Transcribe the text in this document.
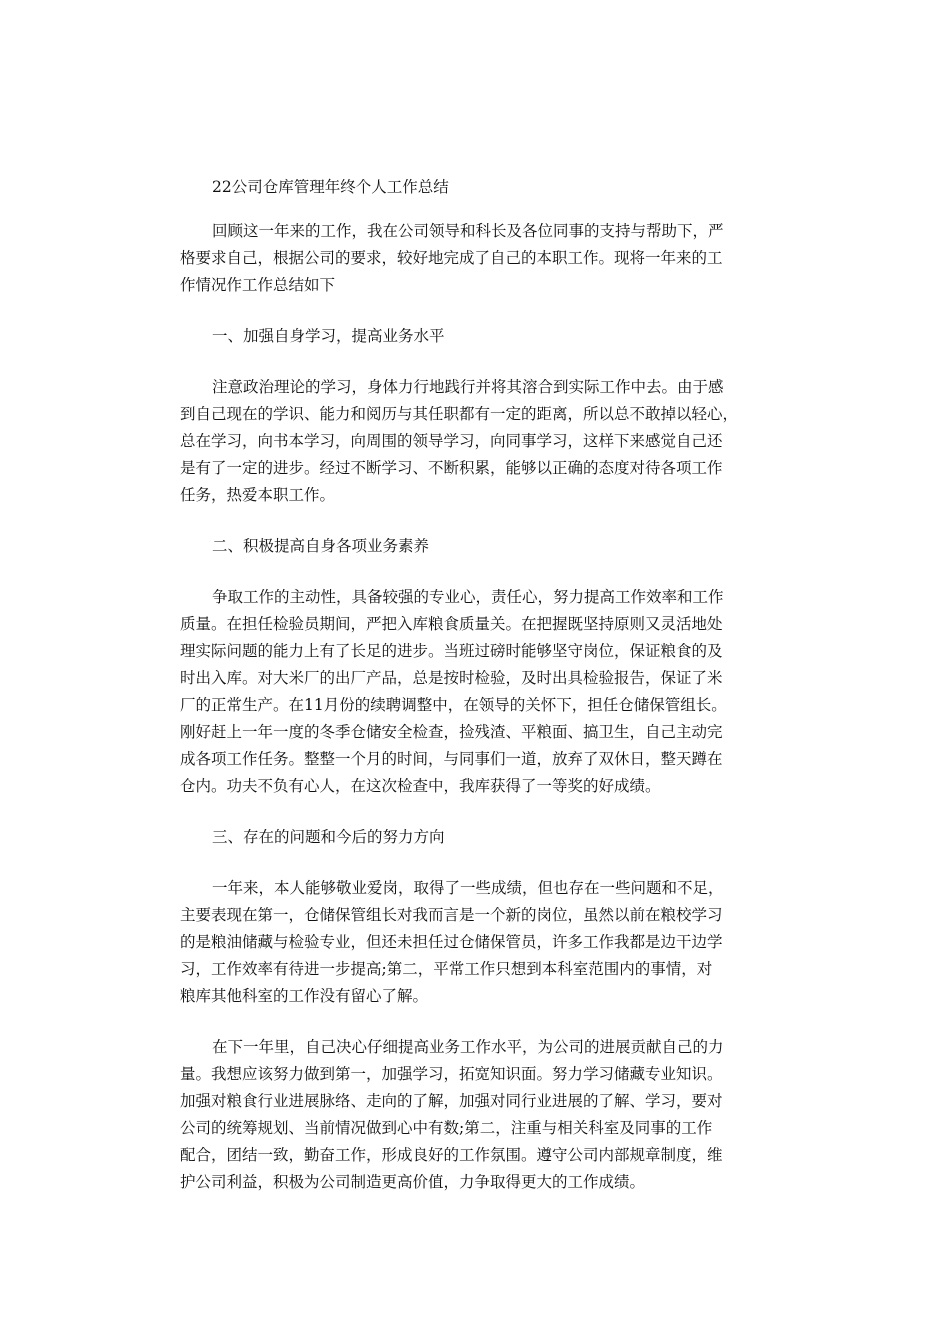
22公司仓库管理年终个人工作总结
回顾这一年来的工作，我在公司领导和科长及各位同事的支持与帮助下，严
格要求自己，根据公司的要求，较好地完成了自己的本职工作。现将一年来的工
作情况作工作总结如下
一、加强自身学习，提高业务水平
注意政治理论的学习，身体力行地践行并将其溶合到实际工作中去。由于感
到自己现在的学识、能力和阅历与其任职都有一定的距离，所以总不敢掉以轻心，
总在学习，向书本学习，向周围的领导学习，向同事学习，这样下来感觉自己还
是有了一定的进步。经过不断学习、不断积累，能够以正确的态度对待各项工作
任务，热爱本职工作。
二、积极提高自身各项业务素养
争取工作的主动性，具备较强的专业心，责任心，努力提高工作效率和工作
质量。在担任检验员期间，严把入库粮食质量关。在把握既坚持原则又灵活地处
理实际问题的能力上有了长足的进步。当班过磅时能够坚守岗位，保证粮食的及
时出入库。对大米厂的出厂产品，总是按时检验，及时出具检验报告，保证了米
厂的正常生产。在11月份的续聘调整中，在领导的关怀下，担任仓储保管组长。
刚好赶上一年一度的冬季仓储安全检查，捡残渣、平粮面、搞卫生，自己主动完
成各项工作任务。整整一个月的时间，与同事们一道，放弃了双休日，整天蹲在
仓内。功夫不负有心人，在这次检查中，我库获得了一等奖的好成绩。
三、存在的问题和今后的努力方向
一年来，本人能够敬业爱岗，取得了一些成绩，但也存在一些问题和不足，
主要表现在第一，仓储保管组长对我而言是一个新的岗位，虽然以前在粮校学习
的是粮油储藏与检验专业，但还未担任过仓储保管员，许多工作我都是边干边学
习，工作效率有待进一步提高;第二，平常工作只想到本科室范围内的事情，对
粮库其他科室的工作没有留心了解。
在下一年里，自己决心仔细提高业务工作水平，为公司的进展贡献自己的力
量。我想应该努力做到第一，加强学习，拓宽知识面。努力学习储藏专业知识。
加强对粮食行业进展脉络、走向的了解，加强对同行业进展的了解、学习，要对
公司的统筹规划、当前情况做到心中有数;第二，注重与相关科室及同事的工作
配合，团结一致，勤奋工作，形成良好的工作氛围。遵守公司内部规章制度，维
护公司利益，积极为公司制造更高价值，力争取得更大的工作成绩。
